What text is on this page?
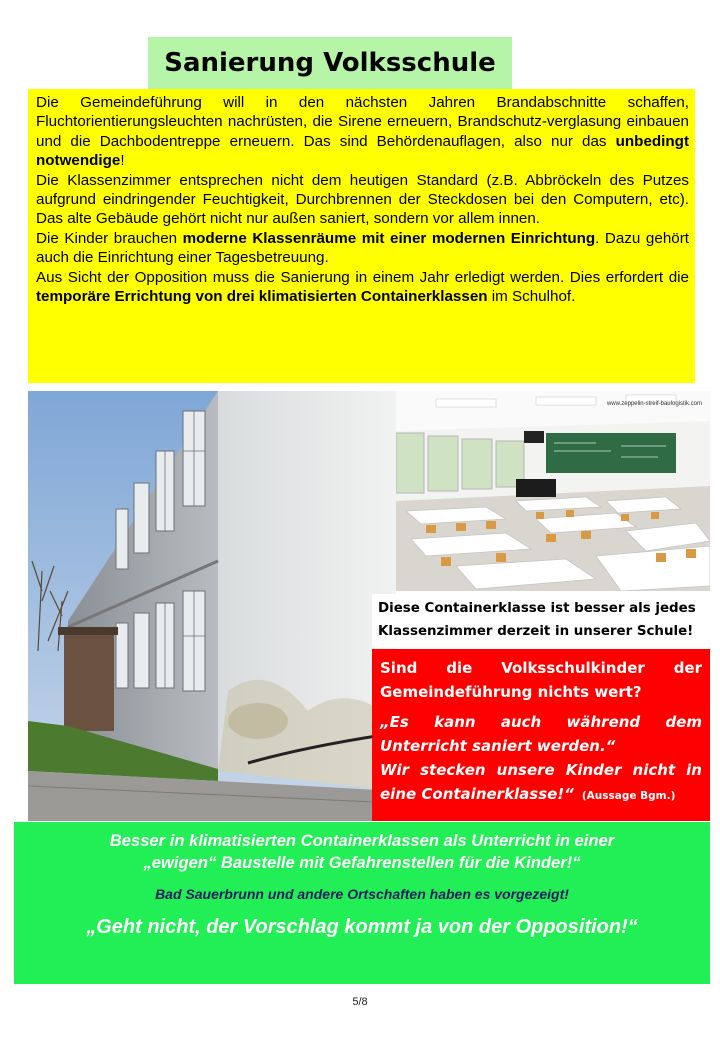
Sanierung Volksschule

Die Gemeindeführung will in den nächsten Jahren Brandabschnitte schaffen, Fluchtorientierungsleuchten nachrüsten, die Sirene erneuern, Brandschutz-verglasung einbauen und die Dachbodentreppe erneuern. Das sind Behördenauflagen, also nur das unbedingt notwendige!

Die Klassenzimmer entsprechen nicht dem heutigen Standard (z.B. Abbröckeln des Putzes aufgrund eindringender Feuchtigkeit, Durchbrennen der Steckdosen bei den Computern, etc). Das alte Gebäude gehört nicht nur außen saniert, sondern vor allem innen.

Die Kinder brauchen moderne Klassenräume mit einer modernen Einrichtung. Dazu gehört auch die Einrichtung einer Tagesbetreuung.

Aus Sicht der Opposition muss die Sanierung in einem Jahr erledigt werden. Dies erfordert die temporäre Errichtung von drei klimatisierten Containerklassen im Schulhof.

www.zeppelin-streif-baulogistik.com
Diese Containerklasse ist besser als jedes
Klassenzimmer derzeit in unserer Schule!

Sind die Volksschulkinder der

Gemeindeführung nichts wert?

„Es kann auch während dem

Unterricht saniert werden.“

Wir stecken unsere Kinder nicht in

eine Containerklasse!“ (Aussage Bgm.)

Besser in klimatisierten Containerklassen als Unterricht in einer

„ewigen“ Baustelle mit Gefahrenstellen für die Kinder!“

Bad Sauerbrunn und andere Ortschaften haben es vorgezeigt!

„Geht nicht, der Vorschlag kommt ja von der Opposition!“

5/8
